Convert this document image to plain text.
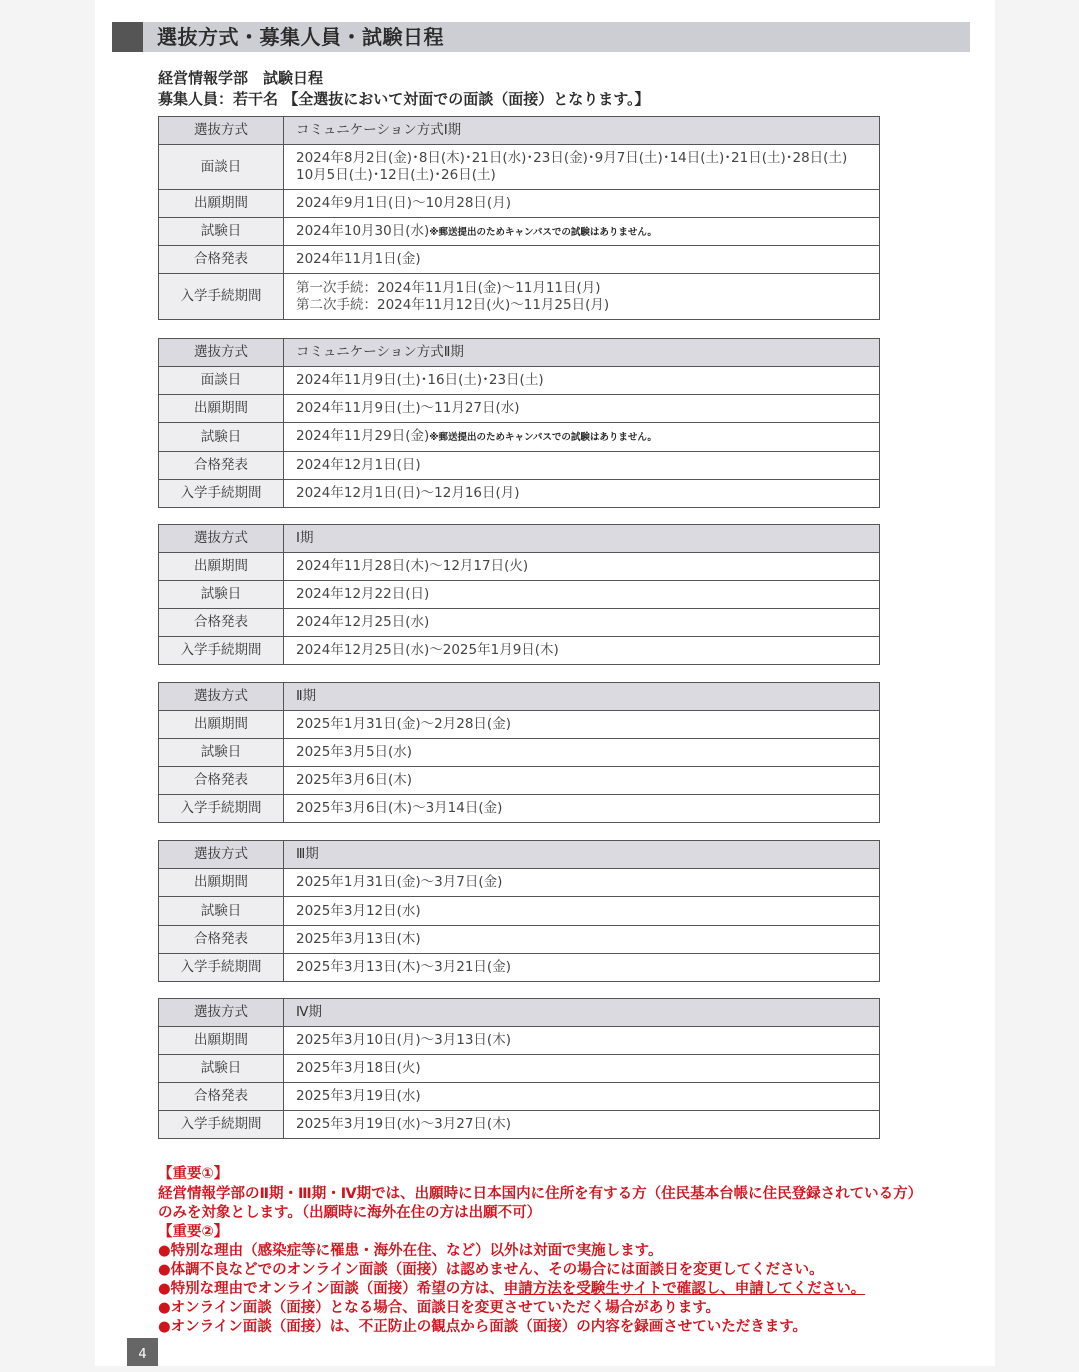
選抜方式・募集人員・試験日程
経営情報学部　試験日程
募集人員：若干名 【全選抜において対面での面談（面接）となります。】
選抜方式	コミュニケーション方式Ⅰ期
面談日	2024年8月2日(金)･8日(木)･21日(水)･23日(金)･9月7日(土)･14日(土)･21日(土)･28日(土)
10月5日(土)･12日(土)･26日(土)

出願期間	2024年9月1日(日)～10月28日(月)
試験日	2024年10月30日(水)※郵送提出のためキャンパスでの試験はありません。
合格発表	2024年11月1日(金)
入学手続期間	第一次手続：2024年11月1日(金)～11月11日(月)
第二次手続：2024年11月12日(火)～11月25日(月)
選抜方式	コミュニケーション方式Ⅱ期
面談日	2024年11月9日(土)･16日(土)･23日(土)
出願期間	2024年11月9日(土)～11月27日(水)
試験日	2024年11月29日(金)※郵送提出のためキャンパスでの試験はありません。
合格発表	2024年12月1日(日)
入学手続期間	2024年12月1日(日)～12月16日(月)
選抜方式	Ⅰ期
出願期間	2024年11月28日(木)～12月17日(火)
試験日	2024年12月22日(日)
合格発表	2024年12月25日(水)
入学手続期間	2024年12月25日(水)～2025年1月9日(木)
選抜方式	Ⅱ期
出願期間	2025年1月31日(金)～2月28日(金)
試験日	2025年3月5日(水)
合格発表	2025年3月6日(木)
入学手続期間	2025年3月6日(木)～3月14日(金)
選抜方式	Ⅲ期
出願期間	2025年1月31日(金)～3月7日(金)
試験日	2025年3月12日(水)
合格発表	2025年3月13日(木)
入学手続期間	2025年3月13日(木)～3月21日(金)
選抜方式	Ⅳ期
出願期間	2025年3月10日(月)～3月13日(木)
試験日	2025年3月18日(火)
合格発表	2025年3月19日(水)
入学手続期間	2025年3月19日(水)～3月27日(木)
【重要①】
経営情報学部のⅡ期・Ⅲ期・Ⅳ期では、出願時に日本国内に住所を有する方（住民基本台帳に住民登録されている方）
のみを対象とします。（出願時に海外在住の方は出願不可）
【重要②】
●特別な理由（感染症等に罹患・海外在住、など）以外は対面で実施します。
●体調不良などでのオンライン面談（面接）は認めません、その場合には面談日を変更してください。
●特別な理由でオンライン面談（面接）希望の方は、申請方法を受験生サイトで確認し、申請してください。
●オンライン面談（面接）となる場合、面談日を変更させていただく場合があります。
●オンライン面談（面接）は、不正防止の観点から面談（面接）の内容を録画させていただきます。
4
